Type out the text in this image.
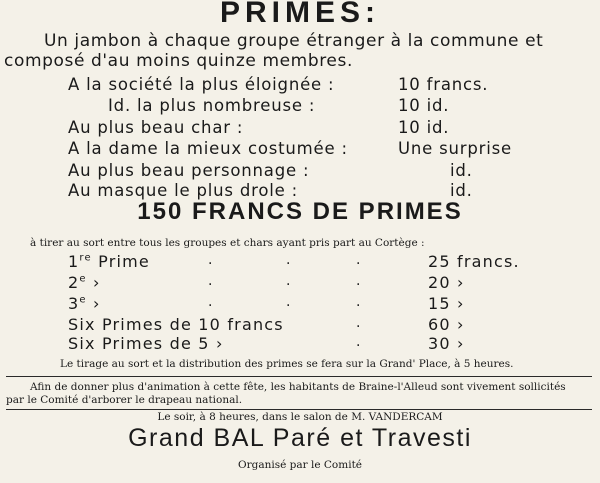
PRIMES:
Un jambon à chaque groupe étranger à la commune et
composé d'au moins quinze membres.
A la société la plus éloignée :	10 francs.
Id. la plus nombreuse :	10 id.
Au plus beau char :	10 id.
A la dame la mieux costumée :	Une surprise
Au plus beau personnage :	id.
Au masque le plus drole :	id.
150 FRANCS DE PRIMES
à tirer au sort entre tous les groupes et chars ayant pris part au Cortège :
1re Prime	.	.	.	25 francs.
2e ›	.	.	.	20 ›
3e ›	.	.	.	15 ›
Six Primes de 10 francs	.	60 ›
Six Primes de 5 ›	.	30 ›
Le tirage au sort et la distribution des primes se fera sur la Grand' Place, à 5 heures.
Afin de donner plus d'animation à cette fête, les habitants de Braine-l'Alleud sont vivement sollicités
par le Comité d'arborer le drapeau national.
Le soir, à 8 heures, dans le salon de M. VANDERCAM
Grand BAL Paré et Travesti
Organisé par le Comité
